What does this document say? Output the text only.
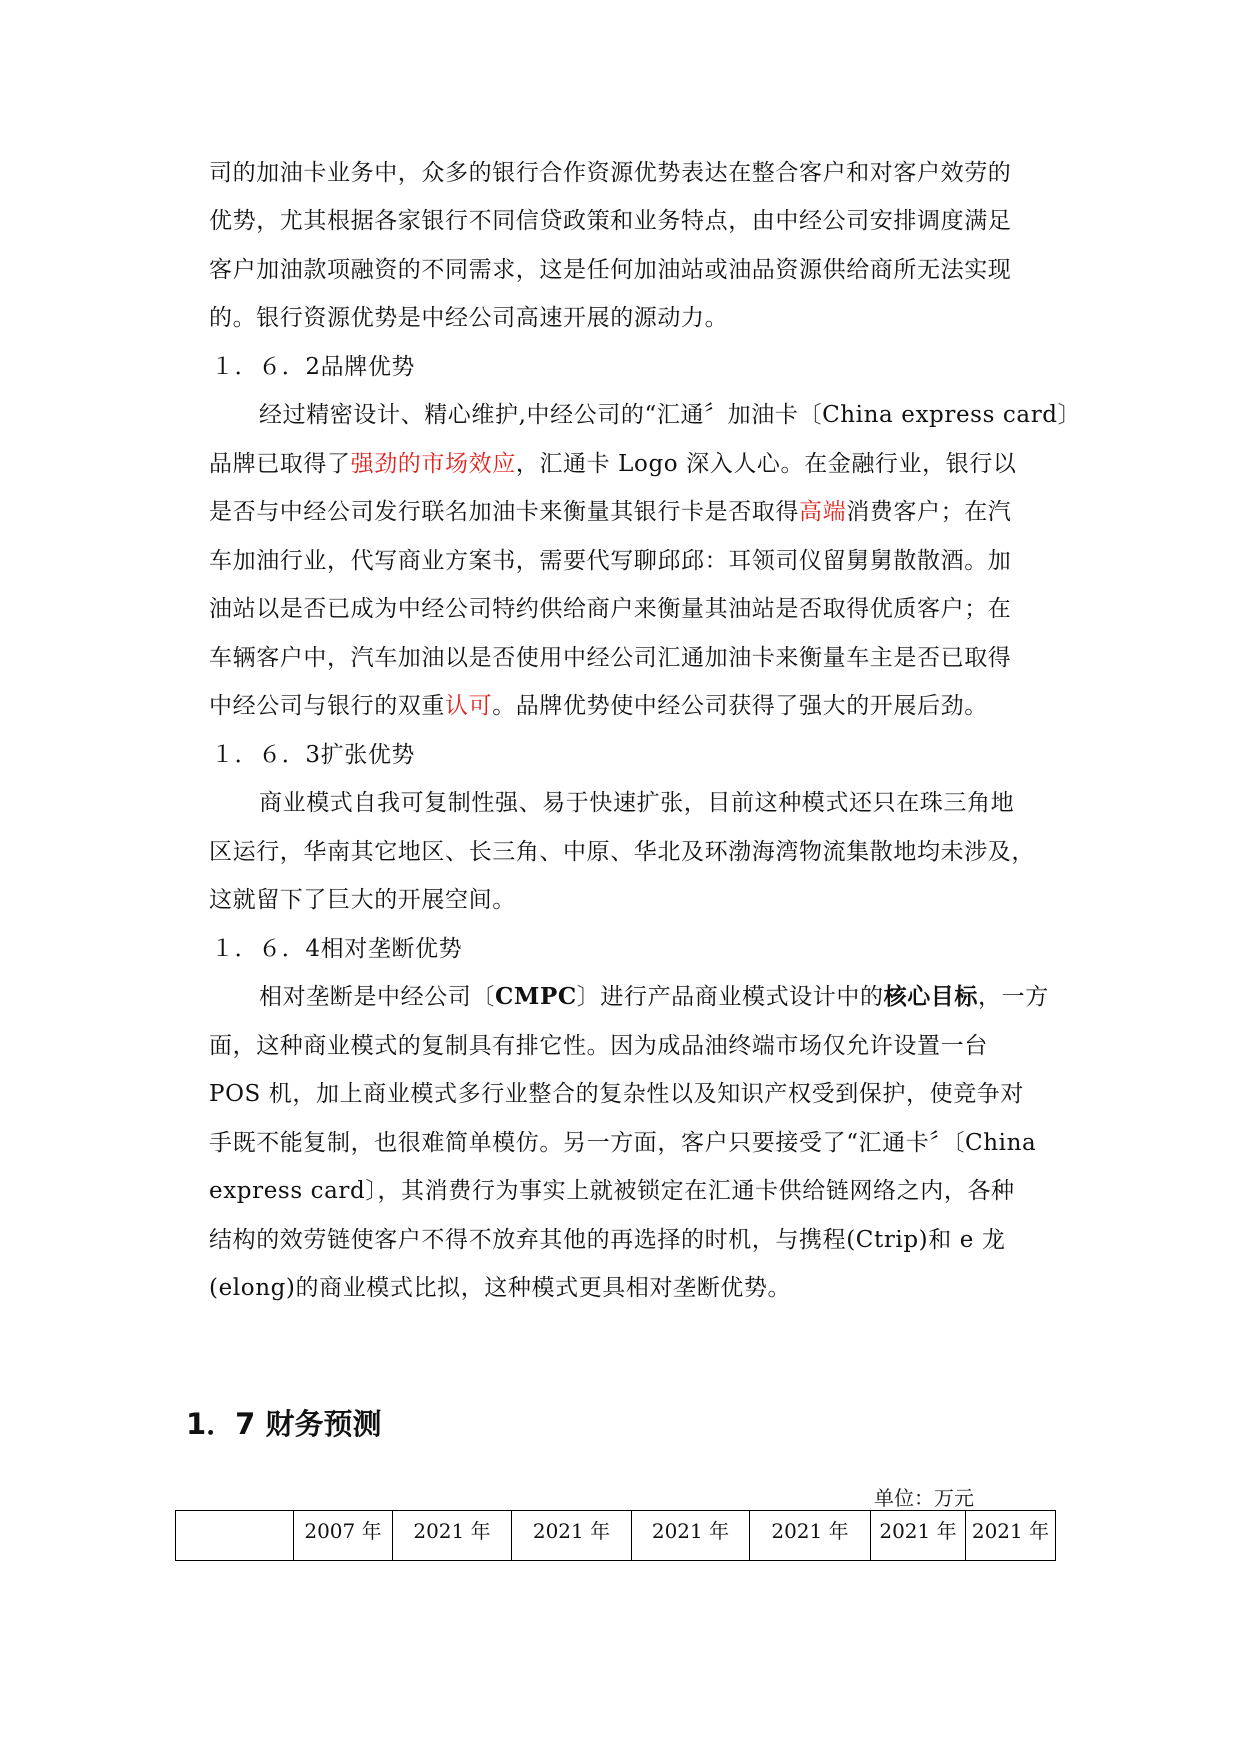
司的加油卡业务中，众多的银行合作资源优势表达在整合客户和对客户效劳的
优势，尤其根据各家银行不同信贷政策和业务特点，由中经公司安排调度满足
客户加油款项融资的不同需求，这是任何加油站或油品资源供给商所无法实现
的。银行资源优势是中经公司高速开展的源动力。
１．６．2品牌优势
经过精密设计、精心维护,中经公司的“汇通〞加油卡〔China express card〕
品牌已取得了强劲的市场效应，汇通卡 Logo 深入人心。在金融行业，银行以
是否与中经公司发行联名加油卡来衡量其银行卡是否取得高端消费客户；在汽
车加油行业，代写商业方案书，需要代写聊邱邱：耳领司仪留舅舅散散酒。加
油站以是否已成为中经公司特约供给商户来衡量其油站是否取得优质客户；在
车辆客户中，汽车加油以是否使用中经公司汇通加油卡来衡量车主是否已取得
中经公司与银行的双重认可。品牌优势使中经公司获得了强大的开展后劲。
１．６．3扩张优势
商业模式自我可复制性强、易于快速扩张，目前这种模式还只在珠三角地
区运行，华南其它地区、长三角、中原、华北及环渤海湾物流集散地均未涉及，
这就留下了巨大的开展空间。
１．６．4相对垄断优势
相对垄断是中经公司〔CMPC〕进行产品商业模式设计中的核心目标，一方
面，这种商业模式的复制具有排它性。因为成品油终端市场仅允许设置一台
POS 机，加上商业模式多行业整合的复杂性以及知识产权受到保护，使竞争对
手既不能复制，也很难简单模仿。另一方面，客户只要接受了“汇通卡〞〔China
express card〕，其消费行为事实上就被锁定在汇通卡供给链网络之内，各种
结构的效劳链使客户不得不放弃其他的再选择的时机，与携程(Ctrip)和 e 龙
(elong)的商业模式比拟，这种模式更具相对垄断优势。
1．7 财务预测
单位：万元
	2007 年	2021 年	2021 年	2021 年	2021 年	2021 年	2021 年
